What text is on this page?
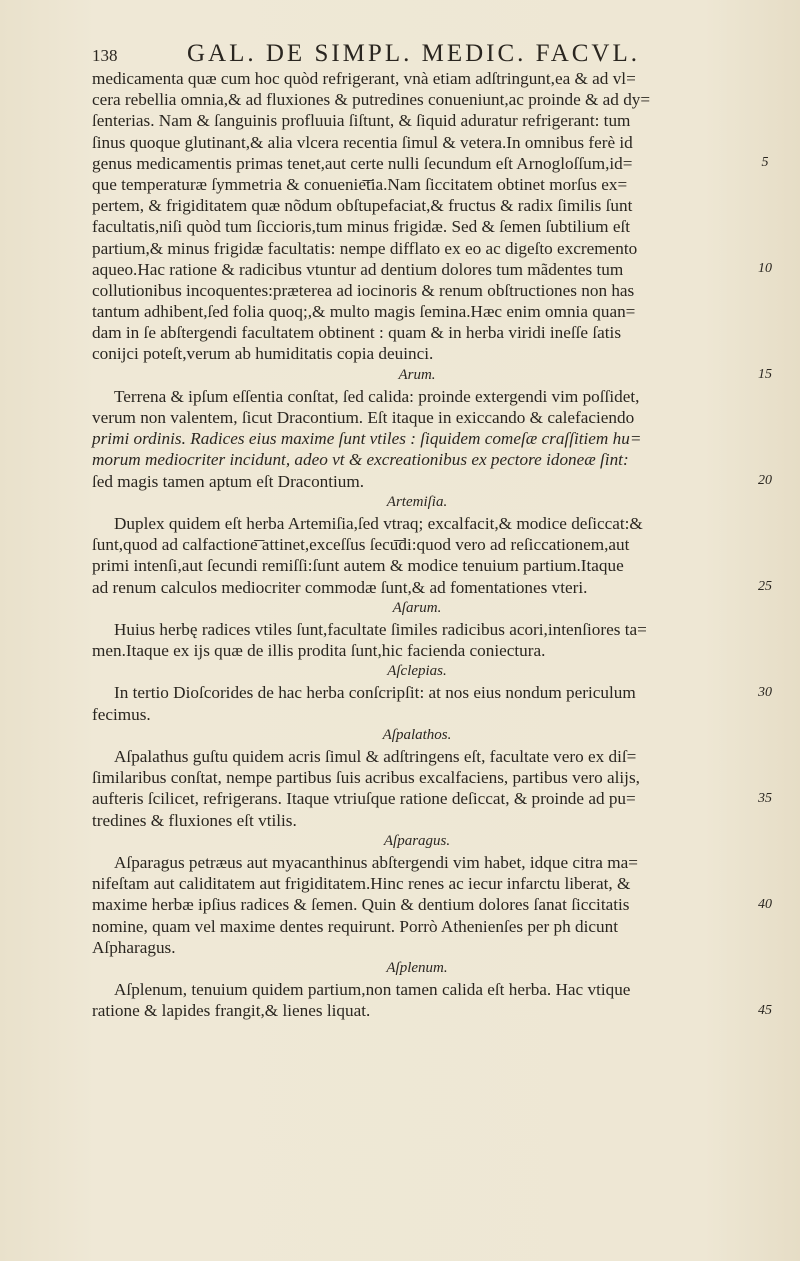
138	GAL. DE SIMPL. MEDIC. FACVL.
medicamenta quæ cum hoc quòd refrigerant, vnà etiam adſtringunt,ea & ad vl=
cera rebellia omnia,& ad fluxiones & putredines conueniunt,ac proinde & ad dy=
ſenterias. Nam & ſanguinis profluuia ſiſtunt, & ſiquid aduratur refrigerant: tum
ſinus quoque glutinant,& alia vlcera recentia ſimul & vetera.In omnibus ferè id
genus medicamentis primas tenet,aut certe nulli ſecundum eſt Arnogloſſum,id=
que temperaturæ ſymmetria & conuenie͞tia.Nam ſiccitatem obtinet morſus ex=
pertem, & frigiditatem quæ nõdum obſtupefaciat,& fructus & radix ſimilis ſunt
facultatis,niſi quòd tum ſiccioris,tum minus frigidæ. Sed & ſemen ſubtilium eſt
partium,& minus frigidæ facultatis: nempe difflato ex eo ac digeſto excremento
aqueo.Hac ratione & radicibus vtuntur ad dentium dolores tum mãdentes tum
collutionibus incoquentes:præterea ad iocinoris & renum obſtructiones non has
tantum adhibent,ſed folia quoq;,& multo magis ſemina.Hæc enim omnia quan=
dam in ſe abſtergendi facultatem obtinent : quam & in herba viridi ineſſe ſatis
conijci poteſt,verum ab humiditatis copia deuinci.
Arum.
Terrena & ipſum eſſentia conſtat, ſed calida: proinde extergendi vim poſſidet,
verum non valentem, ſicut Dracontium. Eſt itaque in exiccando & calefaciendo
primi ordinis. Radices eius maxime ſunt vtiles : ſiquidem comeſæ craſſitiem hu=
morum mediocriter incidunt, adeo vt & excreationibus ex pectore idoneæ ſint:
ſed magis tamen aptum eſt Dracontium.
Artemiſia.
Duplex quidem eſt herba Artemiſia,ſed vtraq; excalfacit,& modice deſiccat:&
ſunt,quod ad calfactione͞ attinet,exceſſus ſecu͞di:quod vero ad reſiccationem,aut
primi intenſi,aut ſecundi remiſſi:ſunt autem & modice tenuium partium.Itaque
ad renum calculos mediocriter commodæ ſunt,& ad fomentationes vteri.
Aſarum.
Huius herbę radices vtiles ſunt,facultate ſimiles radicibus acori,intenſiores ta=
men.Itaque ex ijs quæ de illis prodita ſunt,hic facienda coniectura.
Aſclepias.
In tertio Dioſcorides de hac herba conſcripſit: at nos eius nondum periculum
fecimus.
Aſpalathos.
Aſpalathus guſtu quidem acris ſimul & adſtringens eſt, facultate vero ex diſ=
ſimilaribus conſtat, nempe partibus ſuis acribus excalfaciens, partibus vero alijs,
aufteris ſcilicet, refrigerans. Itaque vtriuſque ratione deſiccat, & proinde ad pu=
tredines & fluxiones eſt vtilis.
Aſparagus.
Aſparagus petræus aut myacanthinus abſtergendi vim habet, idque citra ma=
nifeſtam aut caliditatem aut frigiditatem.Hinc renes ac iecur infarctu liberat, &
maxime herbæ ipſius radices & ſemen. Quin & dentium dolores ſanat ſiccitatis
nomine, quam vel maxime dentes requirunt. Porrò Athenienſes per ph dicunt
Aſpharagus.
Aſplenum.
Aſplenum, tenuium quidem partium,non tamen calida eſt herba. Hac vtique
ratione & lapides frangit,& lienes liquat.
5
10
15
20
25
30
35
40
45
